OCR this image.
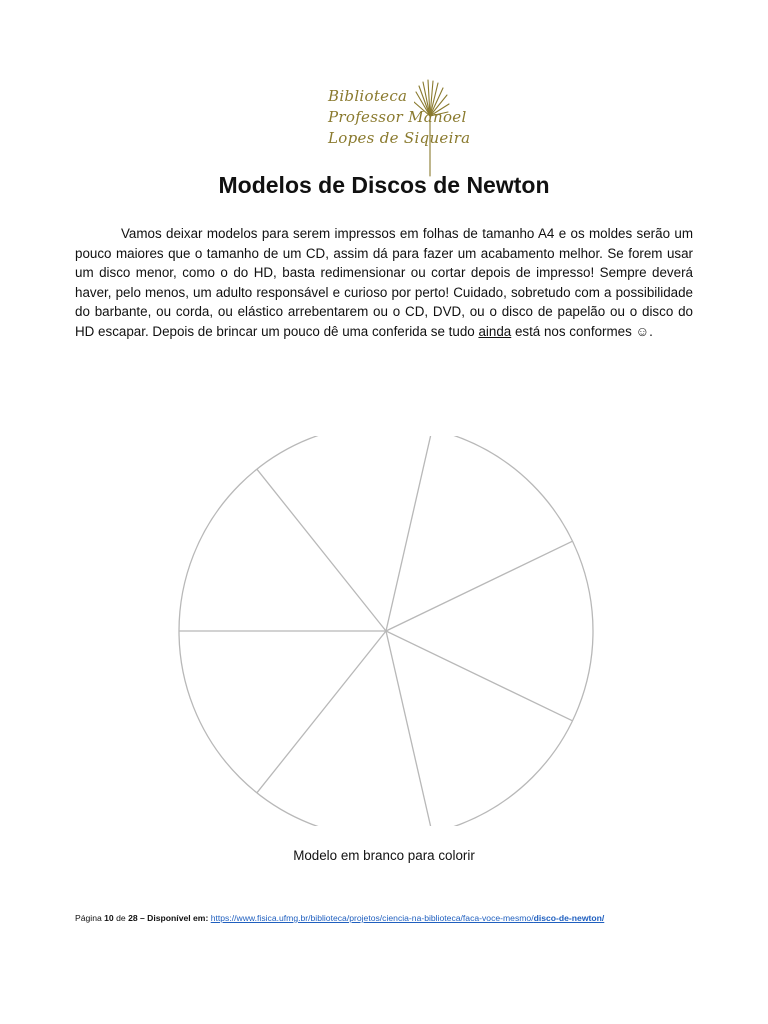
Biblioteca
Professor Manoel
Lopes de Siqueira
Modelos de Discos de Newton
Vamos deixar modelos para serem impressos em folhas de tamanho A4 e os moldes serão um pouco maiores que o tamanho de um CD, assim dá para fazer um acabamento melhor. Se forem usar um disco menor, como o do HD, basta redimensionar ou cortar depois de impresso! Sempre deverá haver, pelo menos, um adulto responsável e curioso por perto! Cuidado, sobretudo com a possibilidade do barbante, ou corda, ou elástico arrebentarem ou o CD, DVD, ou o disco de papelão ou o disco do HD escapar. Depois de brincar um pouco dê uma conferida se tudo ainda está nos conformes ☺.
Modelo em branco para colorir
Página 10 de 28 – Disponível em: https://www.fisica.ufmg.br/biblioteca/projetos/ciencia-na-biblioteca/faca-voce-mesmo/disco-de-newton/
